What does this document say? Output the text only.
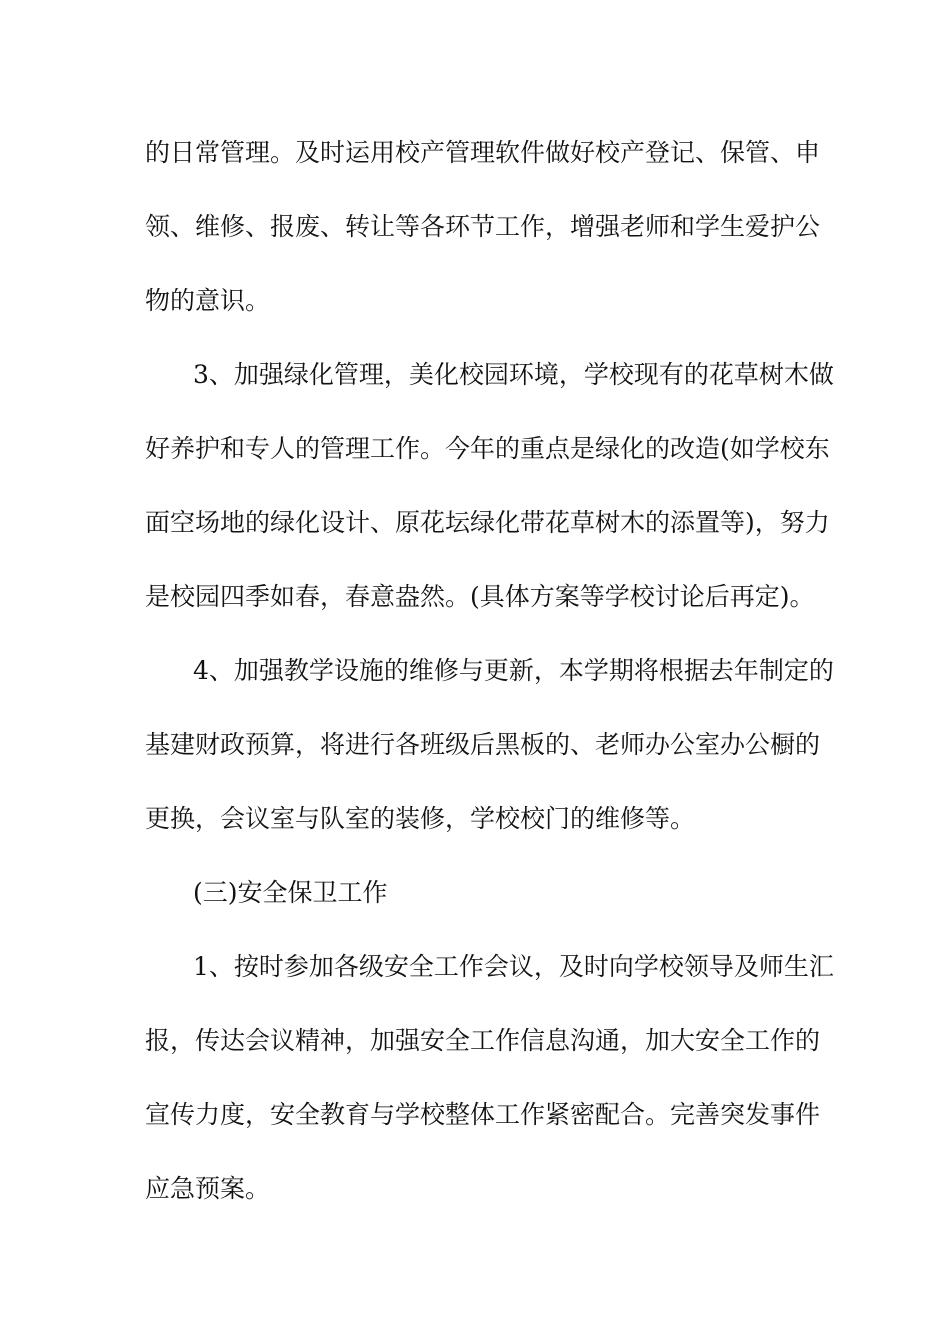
的日常管理。及时运用校产管理软件做好校产登记、保管、申
领、维修、报废、转让等各环节工作，增强老师和学生爱护公
物的意识。
3、加强绿化管理，美化校园环境，学校现有的花草树木做
好养护和专人的管理工作。今年的重点是绿化的改造(如学校东
面空场地的绿化设计、原花坛绿化带花草树木的添置等)，努力
是校园四季如春，春意盎然。(具体方案等学校讨论后再定)。
4、加强教学设施的维修与更新，本学期将根据去年制定的
基建财政预算，将进行各班级后黑板的、老师办公室办公橱的
更换，会议室与队室的装修，学校校门的维修等。
(三)安全保卫工作
1、按时参加各级安全工作会议，及时向学校领导及师生汇
报，传达会议精神，加强安全工作信息沟通，加大安全工作的
宣传力度，安全教育与学校整体工作紧密配合。完善突发事件
应急预案。
